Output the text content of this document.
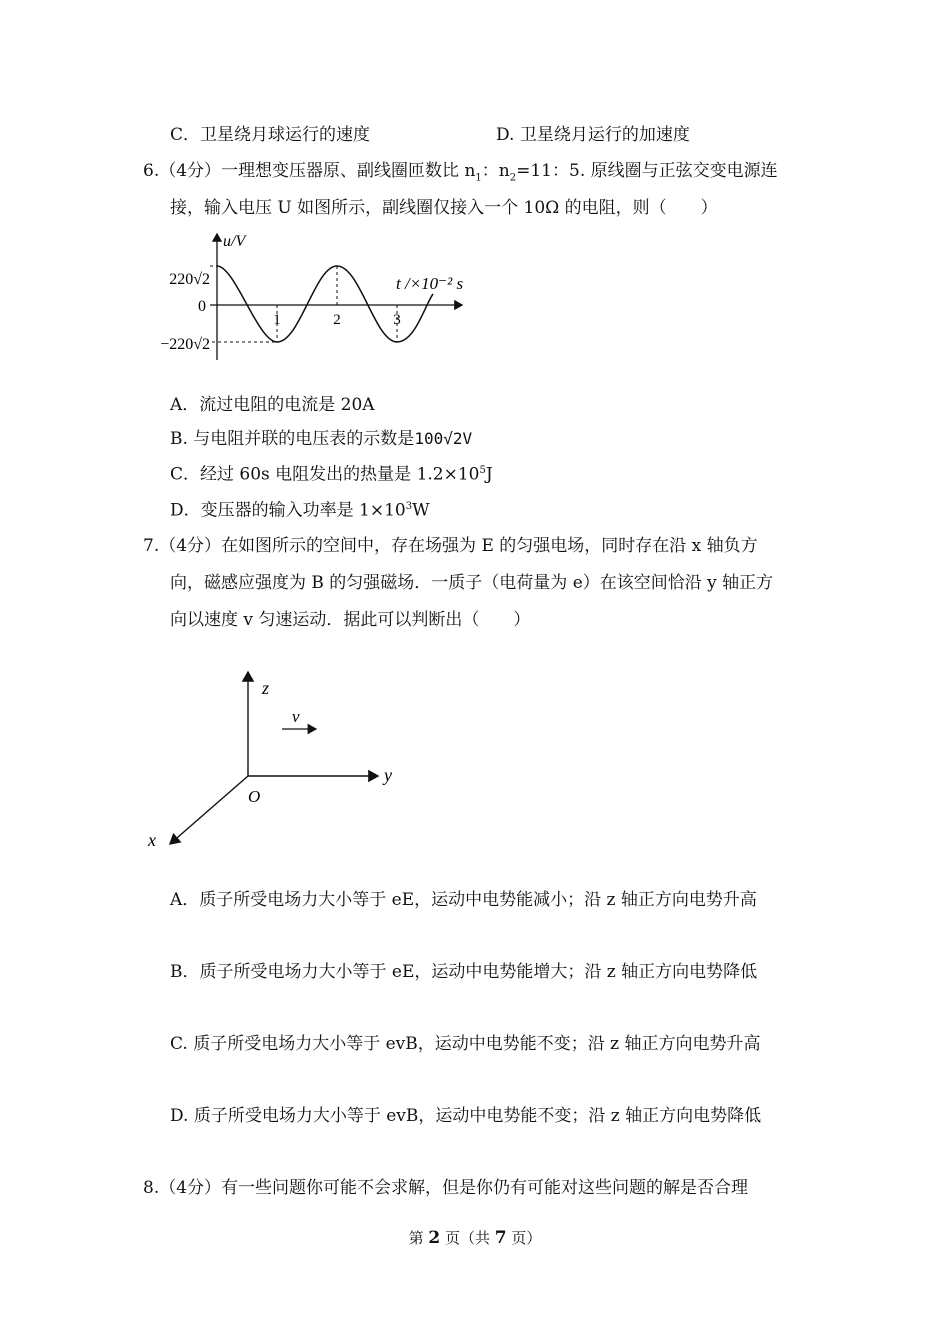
C．卫星绕月球运行的速度	D. 卫星绕月运行的加速度
6.（4分）一理想变压器原、副线圈匝数比 $n_1$：$n_2=11$：5. 原线圈与正弦交变电源连
接，输入电压 U 如图所示，副线圈仅接入一个 10Ω 的电阻，则（　　）
u/V
220√2
0
−220√2
1	2	3
t /×10⁻² s
A．流过电阻的电流是 20A
B. 与电阻并联的电压表的示数是100√2V
C．经过 60s 电阻发出的热量是 $1.2\times 10^5J$
D．变压器的输入功率是 $1\times 10^3W$
7.（4分）在如图所示的空间中，存在场强为 E 的匀强电场，同时存在沿 x 轴负方
向，磁感应强度为 B 的匀强磁场．一质子（电荷量为 e）在该空间恰沿 y 轴正方
向以速度 v 匀速运动．据此可以判断出（　　）
z
y
x
O
v
A．质子所受电场力大小等于 eE，运动中电势能减小；沿 z 轴正方向电势升高
B．质子所受电场力大小等于 eE，运动中电势能增大；沿 z 轴正方向电势降低
C. 质子所受电场力大小等于 evB，运动中电势能不变；沿 z 轴正方向电势升高
D. 质子所受电场力大小等于 evB，运动中电势能不变；沿 z 轴正方向电势降低
8.（4分）有一些问题你可能不会求解，但是你仍有可能对这些问题的解是否合理
第 2 页（共 7 页）
